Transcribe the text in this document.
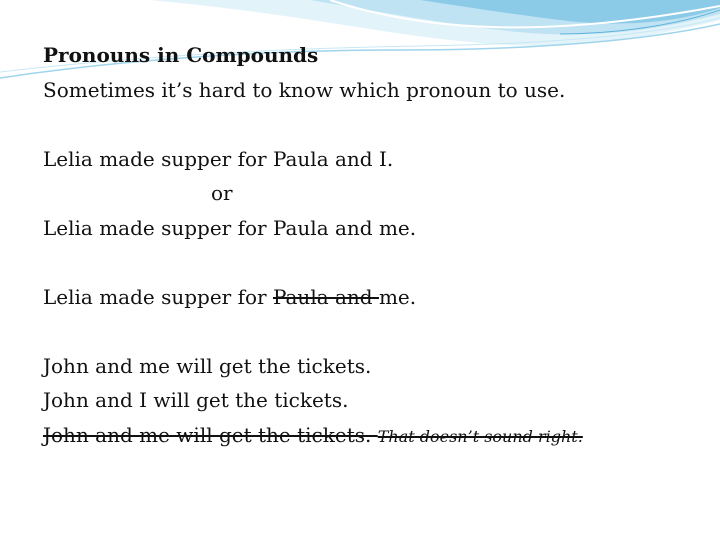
Pronouns in Compounds
Sometimes it’s hard to know which pronoun to use.
Lelia made supper for Paula and I.
or
Lelia made supper for Paula and me.
Lelia made supper for Paula and me.
John and me will get the tickets.
John and I will get the tickets.
John and me will get the tickets. That doesn’t sound right.
